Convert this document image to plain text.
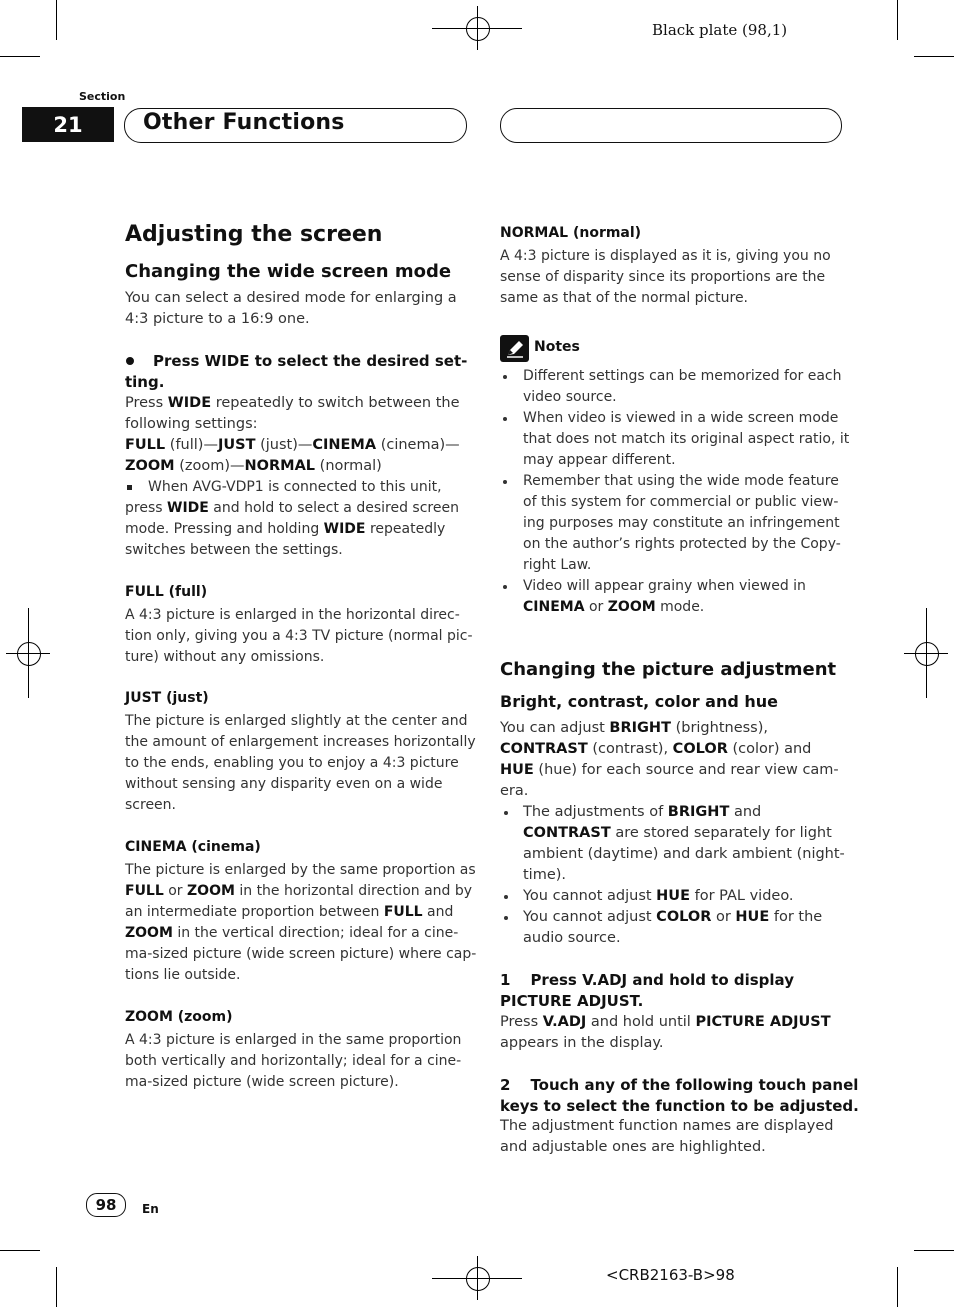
Black plate (98,1)
Section
21	Other Functions
Adjusting the screen
Changing the wide screen mode
You can select a desired mode for enlarging a
4:3 picture to a 16:9 one.
Press WIDE to select the desired set-
ting.
Press WIDE repeatedly to switch between the
following settings:
FULL (full)—JUST (just)—CINEMA (cinema)—
ZOOM (zoom)—NORMAL (normal)
When AVG-VDP1 is connected to this unit,
press WIDE and hold to select a desired screen
mode. Pressing and holding WIDE repeatedly
switches between the settings.
FULL (full)
A 4:3 picture is enlarged in the horizontal direc-
tion only, giving you a 4:3 TV picture (normal pic-
ture) without any omissions.
JUST (just)
The picture is enlarged slightly at the center and
the amount of enlargement increases horizontally
to the ends, enabling you to enjoy a 4:3 picture
without sensing any disparity even on a wide
screen.
CINEMA (cinema)
The picture is enlarged by the same proportion as
FULL or ZOOM in the horizontal direction and by
an intermediate proportion between FULL and
ZOOM in the vertical direction; ideal for a cine-
ma-sized picture (wide screen picture) where cap-
tions lie outside.
ZOOM (zoom)
A 4:3 picture is enlarged in the same proportion
both vertically and horizontally; ideal for a cine-
ma-sized picture (wide screen picture).
NORMAL (normal)
A 4:3 picture is displayed as it is, giving you no
sense of disparity since its proportions are the
same as that of the normal picture.
Notes
Different settings can be memorized for each
video source.
When video is viewed in a wide screen mode
that does not match its original aspect ratio, it
may appear different.
Remember that using the wide mode feature
of this system for commercial or public view-
ing purposes may constitute an infringement
on the author’s rights protected by the Copy-
right Law.
Video will appear grainy when viewed in
CINEMA or ZOOM mode.
Changing the picture adjustment
Bright, contrast, color and hue
You can adjust BRIGHT (brightness),
CONTRAST (contrast), COLOR (color) and
HUE (hue) for each source and rear view cam-
era.
The adjustments of BRIGHT and
CONTRAST are stored separately for light
ambient (daytime) and dark ambient (night-
time).
You cannot adjust HUE for PAL video.
You cannot adjust COLOR or HUE for the
audio source.
1 Press V.ADJ and hold to display
PICTURE ADJUST.
Press V.ADJ and hold until PICTURE ADJUST
appears in the display.
2 Touch any of the following touch panel
keys to select the function to be adjusted.
The adjustment function names are displayed
and adjustable ones are highlighted.
98 En
<CRB2163-B>98
